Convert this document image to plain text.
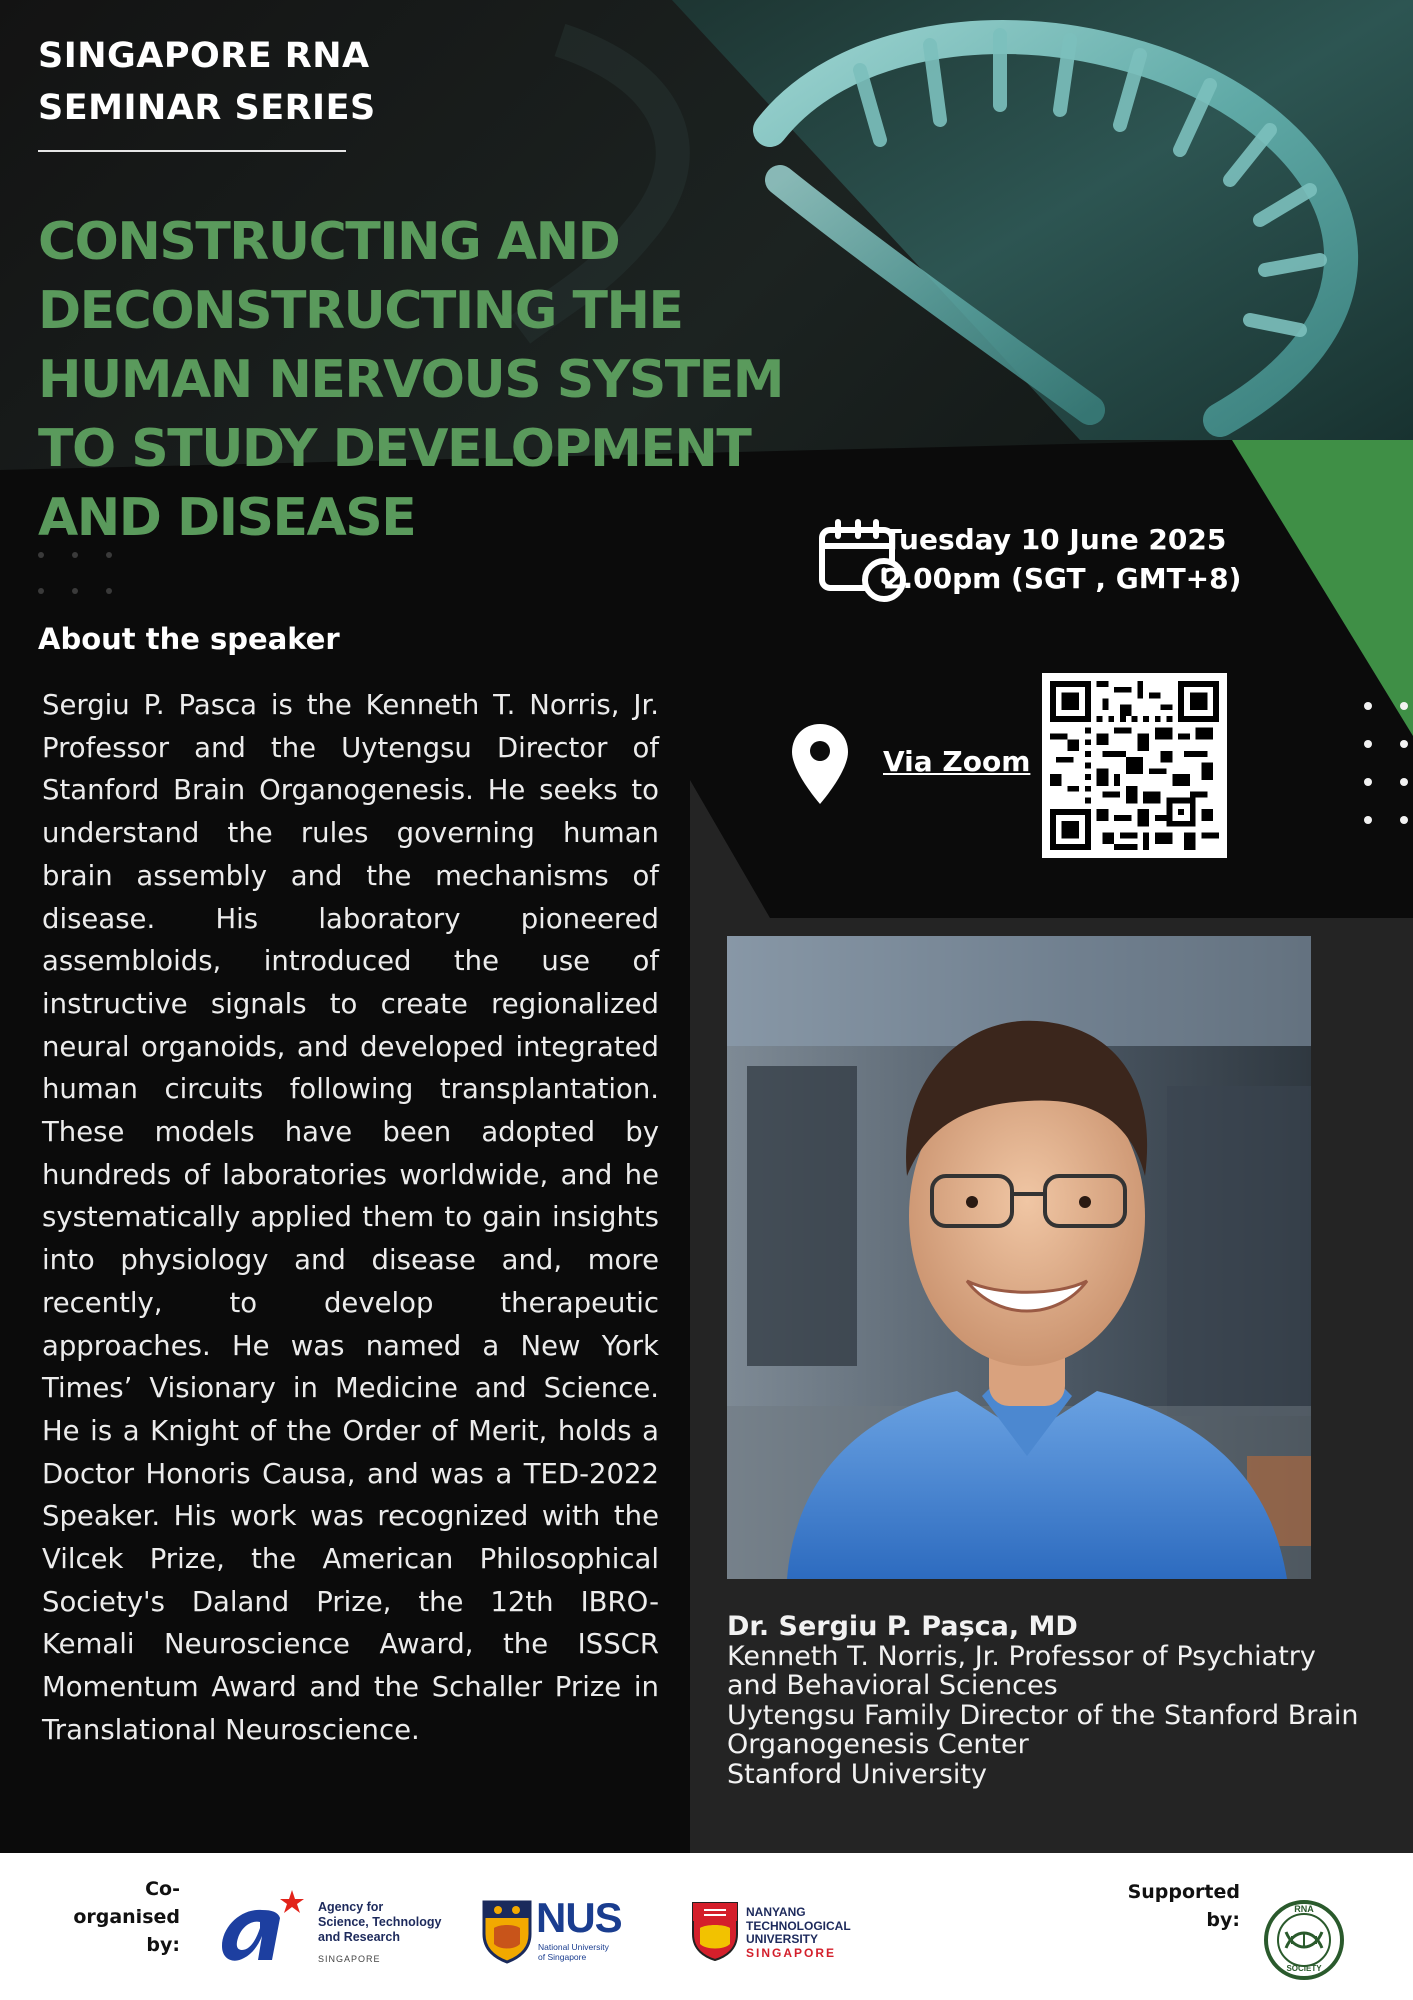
SINGAPORE RNA
SEMINAR SERIES
CONSTRUCTING AND
DECONSTRUCTING THE
HUMAN NERVOUS SYSTEM
TO STUDY DEVELOPMENT
AND DISEASE
About the speaker
Sergiu P. Pasca is the Kenneth T. Norris, Jr. Professor and the Uytengsu Director of Stanford Brain Organogenesis. He seeks to understand the rules governing human brain assembly and the mechanisms of disease. His laboratory pioneered assembloids, introduced the use of instructive signals to create regionalized neural organoids, and developed integrated human circuits following transplantation. These models have been adopted by hundreds of laboratories worldwide, and he systematically applied them to gain insights into physiology and disease and, more recently, to develop therapeutic approaches. He was named a New York Times’ Visionary in Medicine and Science. He is a Knight of the Order of Merit, holds a Doctor Honoris Causa, and was a TED-2022 Speaker. His work was recognized with the Vilcek Prize, the American Philosophical Society's Daland Prize, the 12th IBRO-Kemali Neuroscience Award, the ISSCR Momentum Award and the Schaller Prize in Translational Neuroscience.
Tuesday 10 June 2025
2.00pm (SGT , GMT+8)
Via Zoom
Dr. Sergiu P. Pașca, MD
Kenneth T. Norris, Jr. Professor of Psychiatry
and Behavioral Sciences
Uytengsu Family Director of the Stanford Brain
Organogenesis Center
Stanford University
Co-organised
by:
Agency for
Science, Technology
and Research
SINGAPORE
NUS
National University
of Singapore
NANYANG
TECHNOLOGICAL
UNIVERSITY
SINGAPORE
Supported
by:	RNA
SOCIETY
